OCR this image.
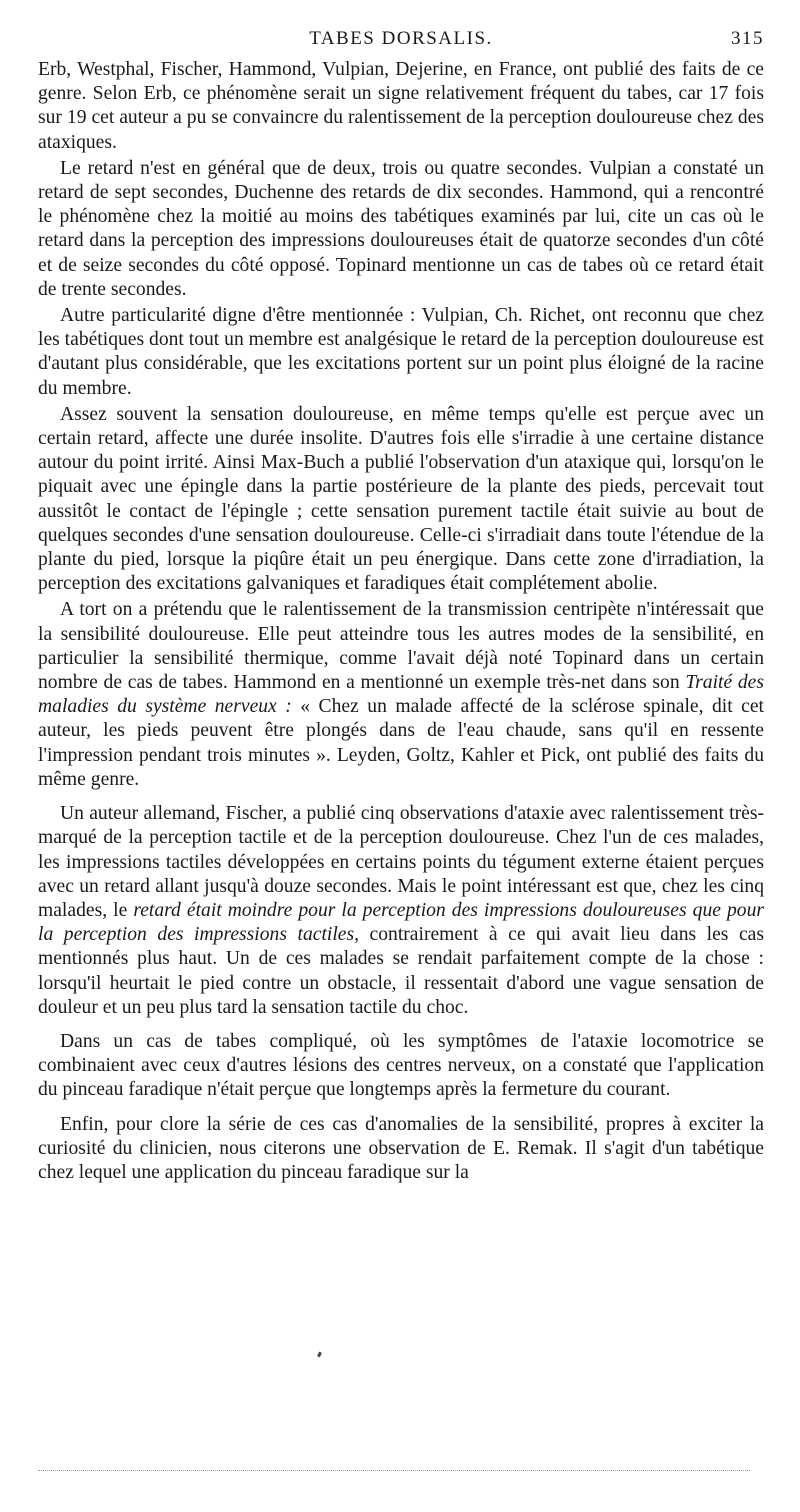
TABES DORSALIS.	315

Erb, Westphal, Fischer, Hammond, Vulpian, Dejerine, en France, ont publié des faits de ce genre. Selon Erb, ce phénomène serait un signe relativement fréquent du tabes, car 17 fois sur 19 cet auteur a pu se convaincre du ralentissement de la perception douloureuse chez des ataxiques.

Le retard n'est en général que de deux, trois ou quatre secondes. Vulpian a constaté un retard de sept secondes, Duchenne des retards de dix secondes. Hammond, qui a rencontré le phénomène chez la moitié au moins des tabétiques examinés par lui, cite un cas où le retard dans la perception des impressions douloureuses était de quatorze secondes d'un côté et de seize secondes du côté opposé. Topinard mentionne un cas de tabes où ce retard était de trente secondes.

Autre particularité digne d'être mentionnée : Vulpian, Ch. Richet, ont reconnu que chez les tabétiques dont tout un membre est analgésique le retard de la perception douloureuse est d'autant plus considérable, que les excitations portent sur un point plus éloigné de la racine du membre.

Assez souvent la sensation douloureuse, en même temps qu'elle est perçue avec un certain retard, affecte une durée insolite. D'autres fois elle s'irradie à une certaine distance autour du point irrité. Ainsi Max-Buch a publié l'observation d'un ataxique qui, lorsqu'on le piquait avec une épingle dans la partie postérieure de la plante des pieds, percevait tout aussitôt le contact de l'épingle ; cette sensation purement tactile était suivie au bout de quelques secondes d'une sensation douloureuse. Celle-ci s'irradiait dans toute l'étendue de la plante du pied, lorsque la piqûre était un peu énergique. Dans cette zone d'irradiation, la perception des excitations galvaniques et faradiques était complétement abolie.

A tort on a prétendu que le ralentissement de la transmission centripète n'intéressait que la sensibilité douloureuse. Elle peut atteindre tous les autres modes de la sensibilité, en particulier la sensibilité thermique, comme l'avait déjà noté Topinard dans un certain nombre de cas de tabes. Hammond en a mentionné un exemple très-net dans son Traité des maladies du système nerveux : « Chez un malade affecté de la sclérose spinale, dit cet auteur, les pieds peuvent être plongés dans de l'eau chaude, sans qu'il en ressente l'impression pendant trois minutes ». Leyden, Goltz, Kahler et Pick, ont publié des faits du même genre.

Un auteur allemand, Fischer, a publié cinq observations d'ataxie avec ralentissement très-marqué de la perception tactile et de la perception douloureuse. Chez l'un de ces malades, les impressions tactiles développées en certains points du tégument externe étaient perçues avec un retard allant jusqu'à douze secondes. Mais le point intéressant est que, chez les cinq malades, le retard était moindre pour la perception des impressions douloureuses que pour la perception des impressions tactiles, contrairement à ce qui avait lieu dans les cas mentionnés plus haut. Un de ces malades se rendait parfaitement compte de la chose : lorsqu'il heurtait le pied contre un obstacle, il ressentait d'abord une vague sensation de douleur et un peu plus tard la sensation tactile du choc.

Dans un cas de tabes compliqué, où les symptômes de l'ataxie locomotrice se combinaient avec ceux d'autres lésions des centres nerveux, on a constaté que l'application du pinceau faradique n'était perçue que longtemps après la fermeture du courant.

Enfin, pour clore la série de ces cas d'anomalies de la sensibilité, propres à exciter la curiosité du clinicien, nous citerons une observation de E. Remak. Il s'agit d'un tabétique chez lequel une application du pinceau faradique sur la
